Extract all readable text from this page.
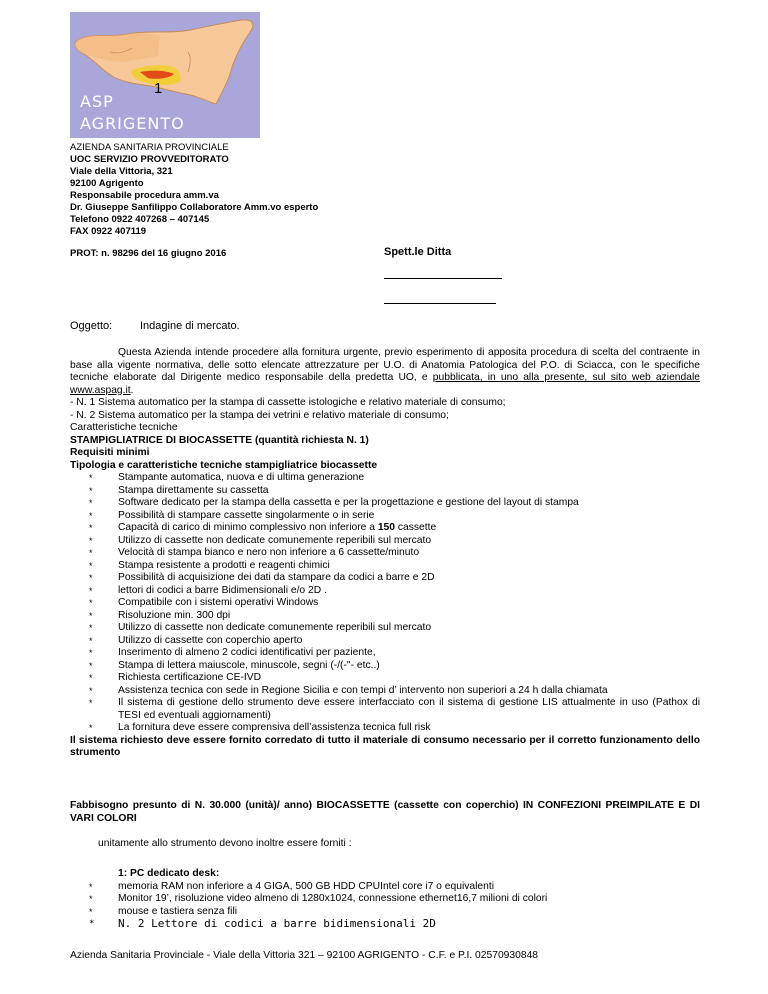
1
ASP
AGRIGENTO
AZIENDA SANITARIA PROVINCIALE
UOC SERVIZIO PROVVEDITORATO
Viale della Vittoria, 321
92100 Agrigento
Responsabile procedura amm.va
Dr. Giuseppe Sanfilippo Collaboratore Amm.vo esperto
Telefono 0922 407268 – 407145
FAX 0922 407119
PROT: n. 98296 del 16 giugno 2016	Spett.le Ditta
Oggetto:	Indagine di mercato.
Questa Azienda intende procedere alla fornitura urgente, previo esperimento di apposita procedura di scelta del contraente in base alla vigente normativa, delle sotto elencate attrezzature per U.O. di Anatomia Patologica del P.O. di Sciacca, con le specifiche tecniche elaborate dal Dirigente medico responsabile della predetta UO, e pubblicata, in uno alla presente, sul sito web aziendale www.aspag.it.
- N. 1 Sistema automatico per la stampa di cassette istologiche e relativo materiale di consumo;
- N. 2 Sistema automatico per la stampa dei vetrini e relativo materiale di consumo;
Caratteristiche tecniche
STAMPIGLIATRICE DI BIOCASSETTE (quantità richiesta N. 1)
Requisiti minimi
Tipologia e caratteristiche tecniche stampigliatrice biocassette
* Stampante automatica, nuova e di ultima generazione
* Stampa direttamente su cassetta
* Software dedicato per la stampa della cassetta e per la progettazione e gestione del layout di stampa
* Possibilità di stampare cassette singolarmente o in serie
* Capacità di carico di minimo complessivo non inferiore a 150 cassette
* Utilizzo di cassette non dedicate comunemente reperibili sul mercato
* Velocità di stampa bianco e nero non inferiore a 6 cassette/minuto
* Stampa resistente a prodotti e reagenti chimici
* Possibilità di acquisizione dei dati da stampare da codici a barre e 2D
* lettori di codici a barre Bidimensionali e/o 2D .
* Compatibile con i sistemi operativi Windows
* Risoluzione min. 300 dpi
* Utilizzo di cassette non dedicate comunemente reperibili sul mercato
* Utilizzo di cassette con coperchio aperto
* Inserimento di almeno 2 codici identificativi per paziente,
* Stampa di lettera maiuscole, minuscole, segni (-/(-"- etc..)
* Richiesta certificazione CE-IVD
* Assistenza tecnica con sede in Regione Sicilia e con tempi d’ intervento non superiori a 24 h dalla chiamata
* Il sistema di gestione dello strumento deve essere interfacciato con il sistema di gestione LIS attualmente in uso (Pathox di TESI ed eventuali aggiornamenti)
* La fornitura deve essere comprensiva dell’assistenza tecnica full risk
Il sistema richiesto deve essere fornito corredato di tutto il materiale di consumo necessario per il corretto funzionamento dello strumento
Fabbisogno presunto di N. 30.000 (unità)/ anno) BIOCASSETTE (cassette con coperchio) IN CONFEZIONI PREIMPILATE E DI VARI COLORI
unitamente allo strumento devono inoltre essere forniti :
1: PC dedicato desk:
* memoria RAM non inferiore a 4 GIGA, 500 GB HDD CPUIntel core i7 o equivalenti
* Monitor 19’, risoluzione video almeno di 1280x1024, connessione ethernet16,7 milioni di colori
* mouse e tastiera senza fili
* N. 2 Lettore di codici a barre bidimensionali 2D
Azienda Sanitaria Provinciale - Viale della Vittoria 321 – 92100 AGRIGENTO - C.F. e P.I. 02570930848
